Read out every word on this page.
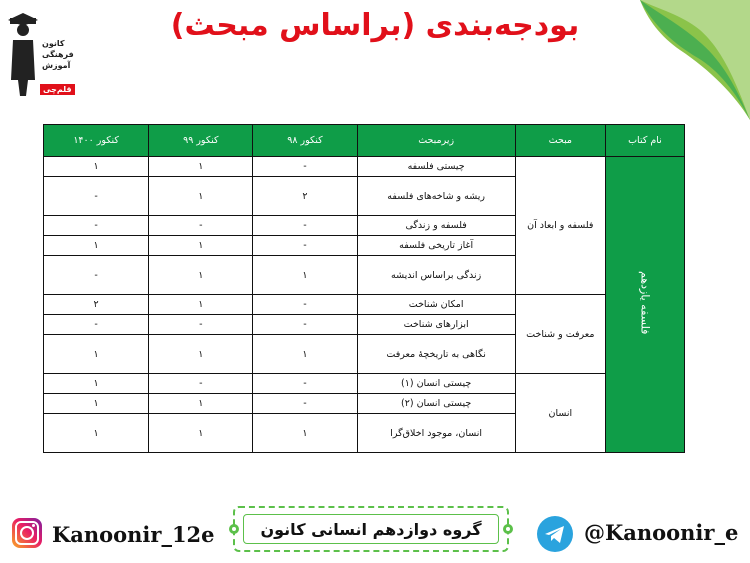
کانون
فرهنگی
آموزش
قلم‌چی
بودجه‌بندی (براساس مبحث)
نام کتاب	مبحث	زیرمبحث	کنکور ۹۸	کنکور ۹۹	کنکور ۱۴۰۰
فلسفه یازدهم	فلسفه و ابعاد آن	چیستی فلسفه	-	۱	۱
		ریشه و شاخه‌های فلسفه	۲	۱	-
		فلسفه و زندگی	-	-	-
		آغاز تاریخی فلسفه	-	۱	۱
		زندگی براساس اندیشه	۱	۱	-
	معرفت و شناخت	امکان شناخت	-	۱	۲
		ابزارهای شناخت	-	-	-
		نگاهی به تاریخچهٔ معرفت	۱	۱	۱
	انسان	چیستی انسان (۱)	-	-	۱
		چیستی انسان (۲)	-	۱	۱
		انسان، موجود اخلاق‌گرا	۱	۱	۱
Kanoonir_12e	گروه دوازدهم انسانی کانون	@Kanoonir_e
